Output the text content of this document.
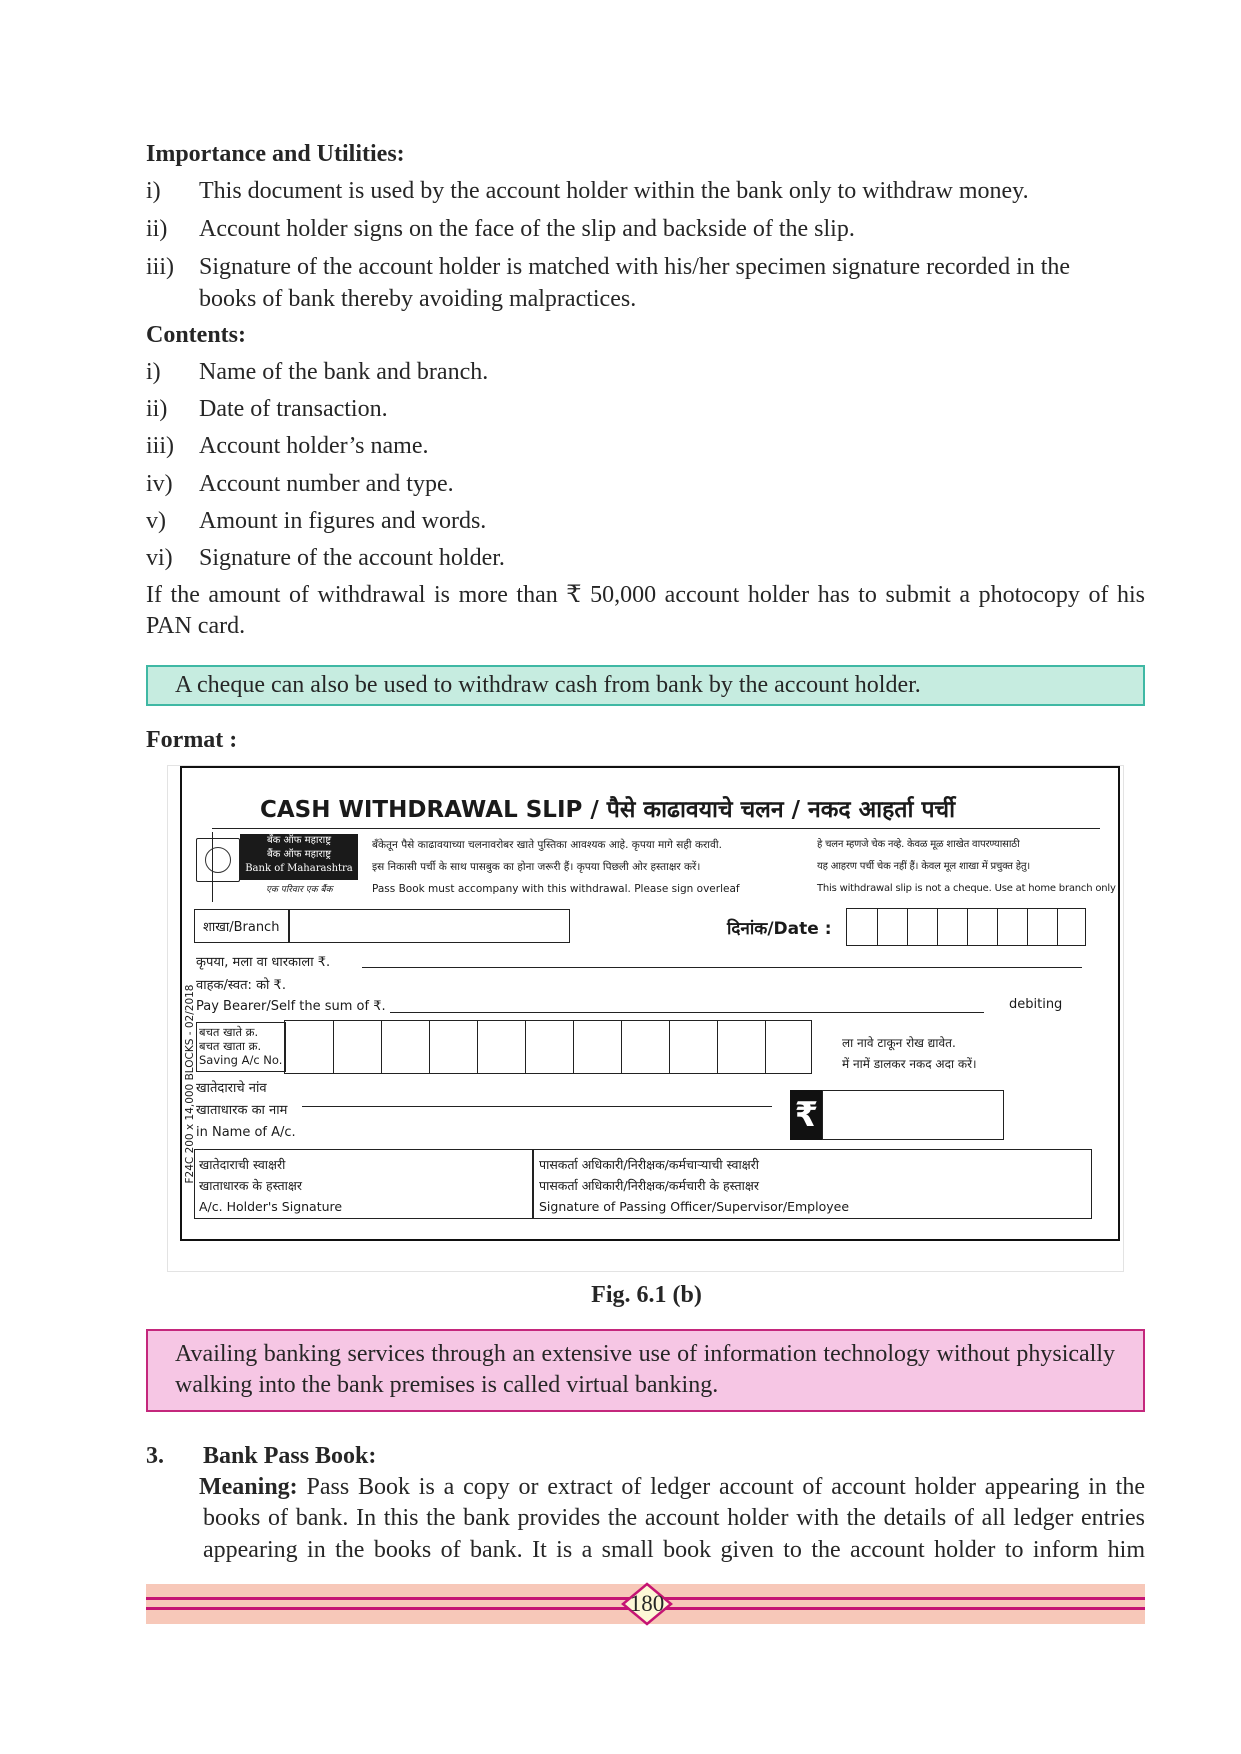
Importance and Utilities:
i)	This document is used by the account holder within the bank only to withdraw money.
ii)	Account holder signs on the face of the slip and backside of the slip.
iii)	Signature of the account holder is matched with his/her specimen signature recorded in the
books of bank thereby avoiding malpractices.
Contents:
i)	Name of the bank and branch.
ii)	Date of transaction.
iii)	Account holder’s name.
iv)	Account number and type.
v)	Amount in figures and words.
vi)	Signature of the account holder.
If the amount of withdrawal is more than ₹ 50,000 account holder has to submit a photocopy of his
PAN card.
A cheque can also be used to withdraw cash from bank by the account holder.
Format :
CASH WITHDRAWAL SLIP / पैसे काढावयाचे चलन / नकद आहर्ता पर्ची
बँक ऑफ महाराष्ट्र
बैंक ऑफ महाराष्ट्र
Bank of Maharashtra
एक परिवार एक बैंक
बँकेतून पैसे काढावयाच्या चलनावरोबर खाते पुस्तिका आवश्यक आहे. कृपया मागे सही करावी.
इस निकासी पर्ची के साथ पासबुक का होना जरूरी हैं। कृपया पिछली ओर हस्ताक्षर करें।
Pass Book must accompany with this withdrawal. Please sign overleaf
हे चलन म्हणजे चेक नव्हे. केवळ मूळ शाखेत वापरण्यासाठी
यह आहरण पर्ची चेक नहीं हैं। केवल मूल शाखा में प्रचुक्त हेतु।
This withdrawal slip is not a cheque. Use at home branch only
शाखा/Branch	दिनांक/Date :
कृपया, मला वा धारकाला ₹.
वाहक/स्वत: को ₹.
Pay Bearer/Self the sum of ₹.	debiting
बचत खाते क्र.
बचत खाता क्र.
Saving A/c No.
ला नावे टाकून रोख द्यावेत.
में नामें डालकर नकद अदा करें।
खातेदाराचे नांव
खाताधारक का नाम
in Name of A/c.	₹
खातेदाराची स्वाक्षरी
खाताधारक के हस्ताक्षर
A/c. Holder's Signature
पासकर्ता अधिकारी/निरीक्षक/कर्मचाऱ्याची स्वाक्षरी
पासकर्ता अधिकारी/निरीक्षक/कर्मचारी के हस्ताक्षर
Signature of Passing Officer/Supervisor/Employee
F24C 200 x 14,000 BLOCKS - 02/2018
Fig. 6.1 (b)
Availing banking services through an extensive use of information technology without physically
walking into the bank premises is called virtual banking.
3. Bank Pass Book:
Meaning: Pass Book is a copy or extract of ledger account of account holder appearing in the
books of bank. In this the bank provides the account holder with the details of all ledger entries
appearing in the books of bank. It is a small book given to the account holder to inform him
180
